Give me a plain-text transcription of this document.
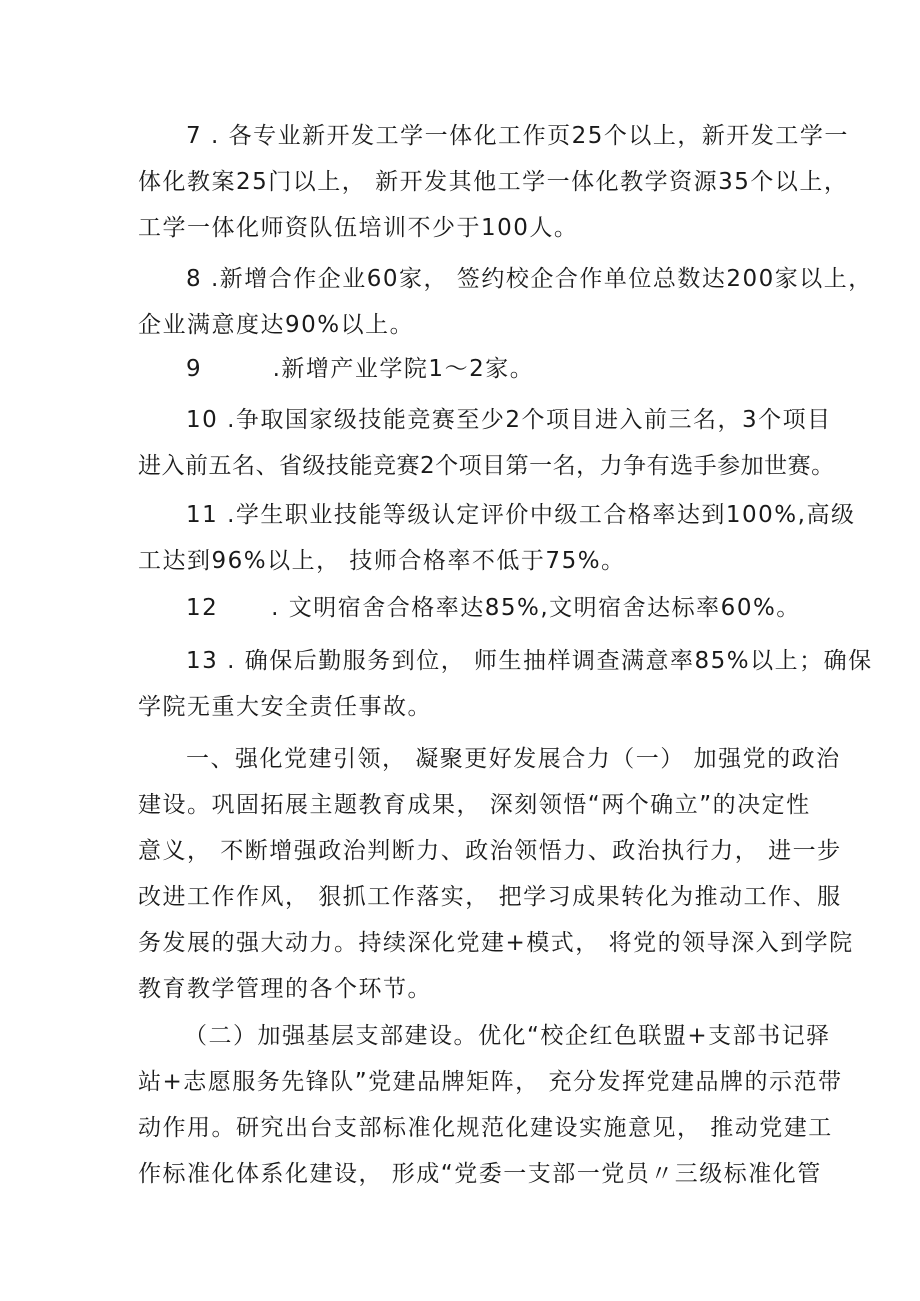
7 . 各专业新开发工学一体化工作页25个以上，新开发工学一
体化教案25门以上， 新开发其他工学一体化教学资源35个以上，
工学一体化师资队伍培训不少于100人。
8 .新增合作企业60家， 签约校企合作单位总数达200家以上，
企业满意度达90%以上。
9        .新增产业学院1〜2家。
10 .争取国家级技能竞赛至少2个项目进入前三名，3个项目
进入前五名、省级技能竞赛2个项目第一名，力争有选手参加世赛。
11 .学生职业技能等级认定评价中级工合格率达到100%,高级
工达到96%以上， 技师合格率不低于75%。
12      . 文明宿舍合格率达85%,文明宿舍达标率60%。
13 . 确保后勤服务到位， 师生抽样调查满意率85%以上；确保
学院无重大安全责任事故。
一、强化党建引领， 凝聚更好发展合力（一） 加强党的政治
建设。巩固拓展主题教育成果， 深刻领悟“两个确立”的决定性
意义， 不断增强政治判断力、政治领悟力、政治执行力， 进一步
改进工作作风， 狠抓工作落实， 把学习成果转化为推动工作、服
务发展的强大动力。持续深化党建+模式， 将党的领导深入到学院
教育教学管理的各个环节。
（二）加强基层支部建设。优化“校企红色联盟+支部书记驿
站+志愿服务先锋队”党建品牌矩阵， 充分发挥党建品牌的示范带
动作用。研究出台支部标准化规范化建设实施意见， 推动党建工
作标准化体系化建设， 形成“党委一支部一党员〃三级标准化管
